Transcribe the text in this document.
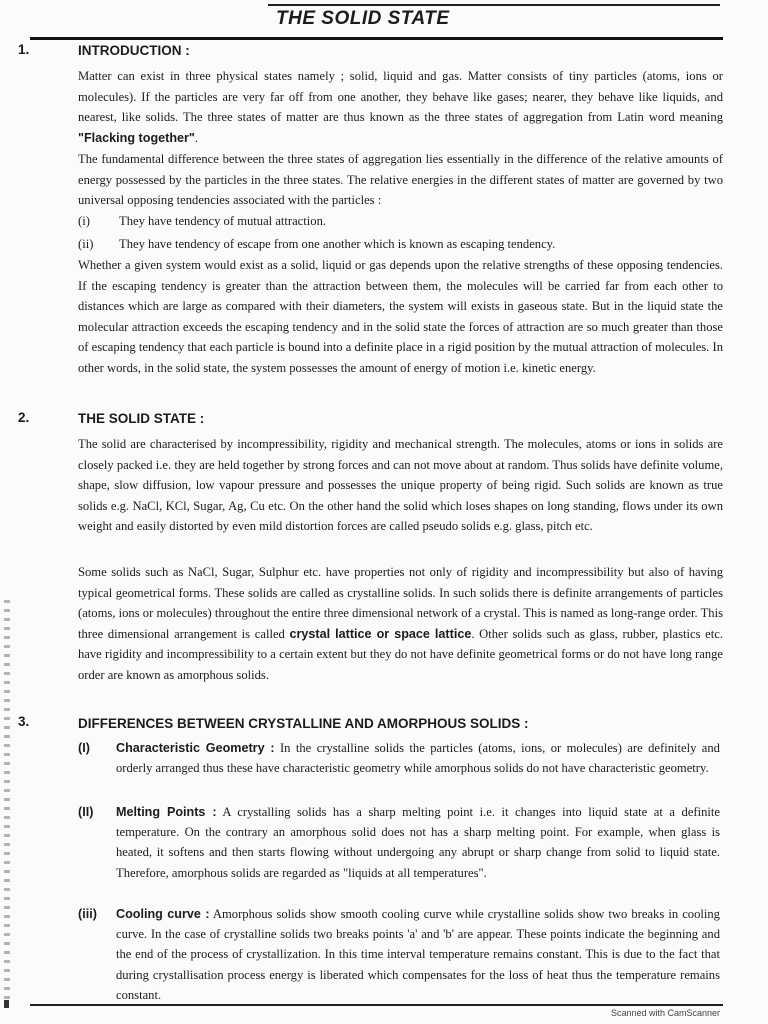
THE SOLID STATE
1.	INTRODUCTION :

Matter can exist in three physical states namely ; solid, liquid and gas. Matter consists of tiny particles (atoms, ions or molecules). If the particles are very far off from one another, they behave like gases; nearer, they behave like liquids, and nearest, like solids. The three states of matter are thus known as the three states of aggregation from Latin word meaning "Flacking together".

The fundamental difference between the three states of aggregation lies essentially in the difference of the relative amounts of energy possessed by the particles in the three states. The relative energies in the different states of matter are governed by two universal opposing tendencies associated with the particles :

(i) They have tendency of mutual attraction.
(ii) They have tendency of escape from one another which is known as escaping tendency.

Whether a given system would exist as a solid, liquid or gas depends upon the relative strengths of these opposing tendencies. If the escaping tendency is greater than the attraction between them, the molecules will be carried far from each other to distances which are large as compared with their diameters, the system will exists in gaseous state. But in the liquid state the molecular attraction exceeds the escaping tendency and in the solid state the forces of attraction are so much greater than those of escaping tendency that each particle is bound into a definite place in a rigid position by the mutual attraction of molecules. In other words, in the solid state, the system possesses the amount of energy of motion i.e. kinetic energy.

2.	THE SOLID STATE :

The solid are characterised by incompressibility, rigidity and mechanical strength. The molecules, atoms or ions in solids are closely packed i.e. they are held together by strong forces and can not move about at random. Thus solids have definite volume, shape, slow diffusion, low vapour pressure and possesses the unique property of being rigid. Such solids are known as true solids e.g. NaCl, KCl, Sugar, Ag, Cu etc. On the other hand the solid which loses shapes on long standing, flows under its own weight and easily distorted by even mild distortion forces are called pseudo solids e.g. glass, pitch etc.

Some solids such as NaCl, Sugar, Sulphur etc. have properties not only of rigidity and incompressibility but also of having typical geometrical forms. These solids are called as crystalline solids. In such solids there is definite arrangements of particles (atoms, ions or molecules) throughout the entire three dimensional network of a crystal. This is named as long-range order. This three dimensional arrangement is called crystal lattice or space lattice. Other solids such as glass, rubber, plastics etc. have rigidity and incompressibility to a certain extent but they do not have definite geometrical forms or do not have long range order are known as amorphous solids.

3.	DIFFERENCES BETWEEN CRYSTALLINE AND AMORPHOUS SOLIDS :
(I) Characteristic Geometry : In the crystalline solids the particles (atoms, ions, or molecules) are definitely and orderly arranged thus these have characteristic geometry while amorphous solids do not have characteristic geometry.
(II) Melting Points : A crystalling solids has a sharp melting point i.e. it changes into liquid state at a definite temperature. On the contrary an amorphous solid does not has a sharp melting point. For example, when glass is heated, it softens and then starts flowing without undergoing any abrupt or sharp change from solid to liquid state. Therefore, amorphous solids are regarded as "liquids at all temperatures".
(iii) Cooling curve : Amorphous solids show smooth cooling curve while crystalline solids show two breaks in cooling curve. In the case of crystalline solids two breaks points 'a' and 'b' are appear. These points indicate the beginning and the end of the process of crystallization. In this time interval temperature remains constant. This is due to the fact that during crystallisation process energy is liberated which compensates for the loss of heat thus the temperature remains constant.
Scanned with CamScanner
